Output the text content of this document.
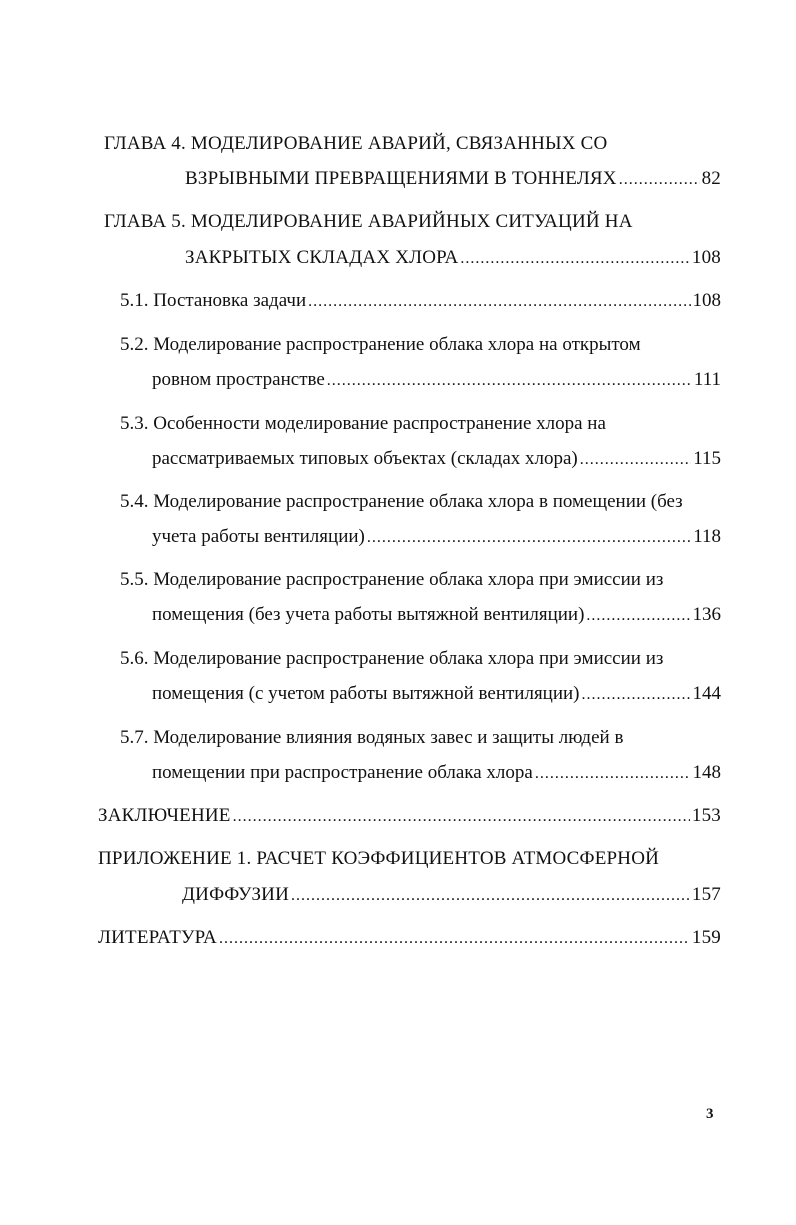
ГЛАВА 4. МОДЕЛИРОВАНИЕ АВАРИЙ, СВЯЗАННЫХ СО
ВЗРЫВНЫМИ ПРЕВРАЩЕНИЯМИ В ТОННЕЛЯХ .....	82
ГЛАВА 5. МОДЕЛИРОВАНИЕ АВАРИЙНЫХ СИТУАЦИЙ НА
ЗАКРЫТЫХ СКЛАДАХ ХЛОРА .....	108
5.1. Постановка задачи .....	108
5.2. Моделирование распространение облака хлора на открытом
ровном пространстве .....	111
5.3. Особенности моделирование распространение хлора на
рассматриваемых типовых объектах (складах хлора) .....	115
5.4. Моделирование распространение облака хлора в помещении (без
учета работы вентиляции) .....	118
5.5. Моделирование распространение облака хлора при эмиссии из
помещения (без учета работы вытяжной вентиляции) .....	136
5.6. Моделирование распространение облака хлора при эмиссии из
помещения (с учетом работы вытяжной вентиляции) .....	144
5.7. Моделирование влияния водяных завес и защиты людей в
помещении при распространение облака хлора .....	148
ЗАКЛЮЧЕНИЕ .....	153
ПРИЛОЖЕНИЕ 1. РАСЧЕТ КОЭФФИЦИЕНТОВ АТМОСФЕРНОЙ
ДИФФУЗИИ .....	157
ЛИТЕРАТУРА .....	159
3
